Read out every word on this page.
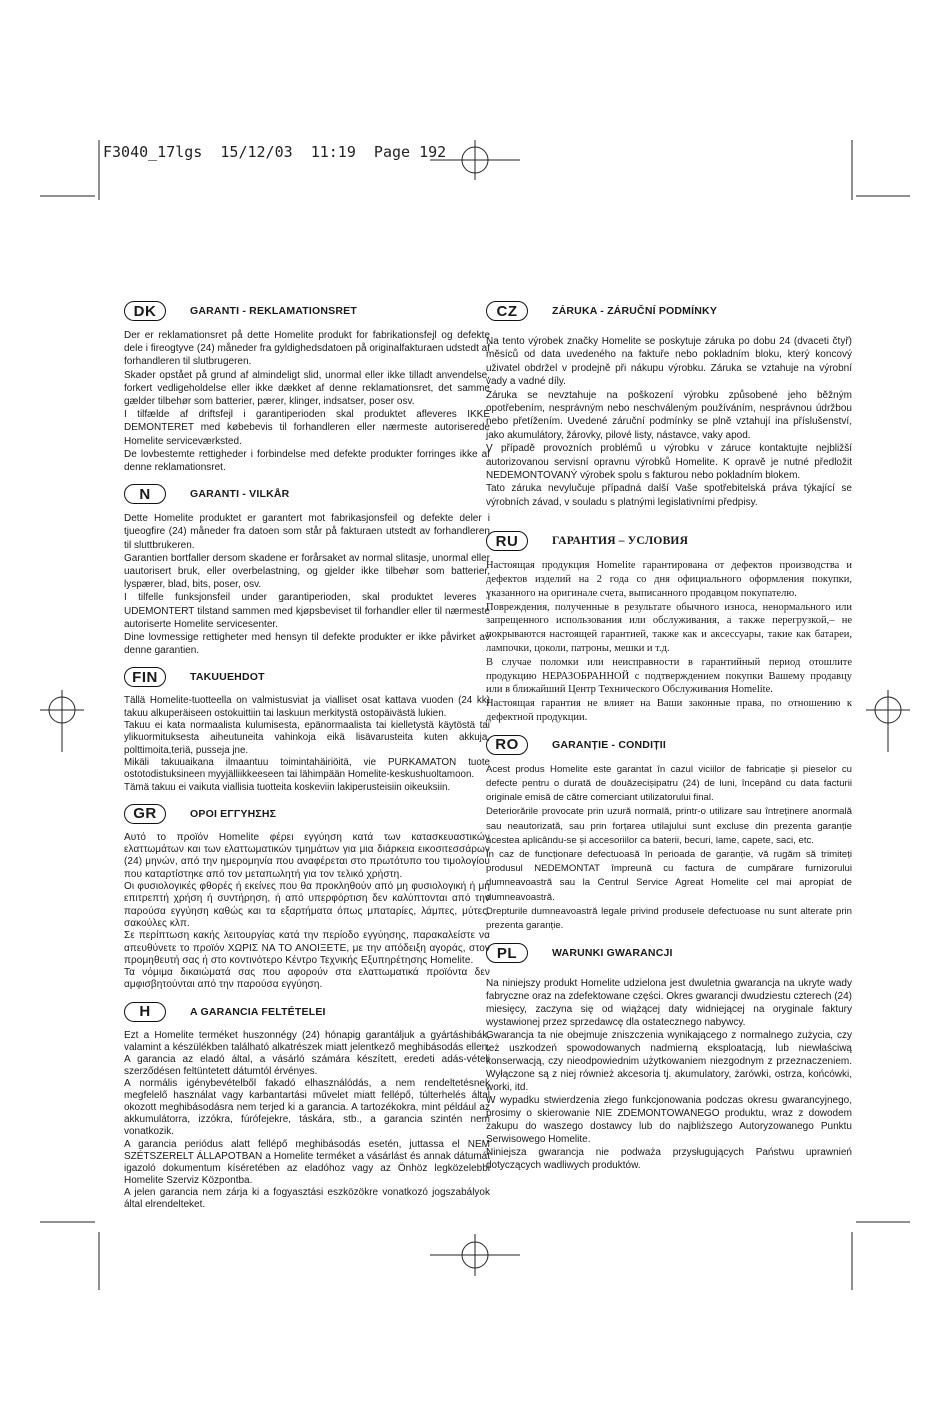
F3040_17lgs  15/12/03  11:19  Page 192
DK	GARANTI - REKLAMATIONSRET

Der er reklamationsret på dette Homelite produkt for fabrikationsfejl og defekte dele i fireogtyve (24) måneder fra gyldighedsdatoen på originalfakturaen udstedt af forhandleren til slutbrugeren.

Skader opstået på grund af almindeligt slid, unormal eller ikke tilladt anvendelse, forkert vedligeholdelse eller ikke dækket af denne reklamationsret, det samme gælder tilbehør som batterier, pærer, klinger, indsatser, poser osv.

I tilfælde af driftsfejl i garantiperioden skal produktet afleveres IKKE DEMONTERET med købebevis til forhandleren eller nærmeste autoriserede Homelite serviceværksted.

De lovbestemte rettigheder i forbindelse med defekte produkter forringes ikke af denne reklamationsret.

N	GARANTI - VILKÅR

Dette Homelite produktet er garantert mot fabrikasjonsfeil og defekte deler i tjueogfire (24) måneder fra datoen som står på fakturaen utstedt av forhandleren til sluttbrukeren.

Garantien bortfaller dersom skadene er forårsaket av normal slitasje, unormal eller uautorisert bruk, eller overbelastning, og gjelder ikke tilbehør som batterier, lyspærer, blad, bits, poser, osv.

I tilfelle funksjonsfeil under garantiperioden, skal produktet leveres i UDEMONTERT tilstand sammen med kjøpsbeviset til forhandler eller til nærmeste autoriserte Homelite servicesenter.

Dine lovmessige rettigheter med hensyn til defekte produkter er ikke påvirket av denne garantien.

FIN	TAKUUEHDOT

Tällä Homelite-tuotteella on valmistusviat ja vialliset osat kattava vuoden (24 kk) takuu alkuperäiseen ostokuittiin tai laskuun merkitystä ostopäivästä lukien.

Takuu ei kata normaalista kulumisesta, epänormaalista tai kielletystä käytöstä tai ylikuormituksesta aiheutuneita vahinkoja eikä lisävarusteita kuten akkuja, polttimoita,teriä, pusseja jne.

Mikäli takuuaikana ilmaantuu toimintahäiriöitä, vie PURKAMATON tuote ostotodistuksineen myyjälliikkeeseen tai lähimpään Homelite-keskushuoltamoon.

Tämä takuu ei vaikuta viallisia tuotteita koskeviin lakiperusteisiin oikeuksiin.

GR	ΟΡΟΙ ΕΓΓΥΗΣΗΣ

Αυτό το προϊόν Homelite φέρει εγγύηση κατά των κατασκευαστικών ελαττωμάτων και των ελαττωματικών τμημάτων για μια διάρκεια εικοσιτεσσάρων (24) μηνών, από την ημερομηνία που αναφέρεται στο πρωτότυπο του τιμολογίου που καταρτίστηκε από τον μεταπωλητή για τον τελικό χρήστη.

Οι φυσιολογικές φθορές ή εκείνες που θα προκληθούν από μη φυσιολογική ή μη επιτρεπτή χρήση ή συντήρηση, ή από υπερφόρτιση δεν καλύπτονται από την παρούσα εγγύηση καθώς και τα εξαρτήματα όπως μπαταρίες, λάμπες, μύτες, σακούλες κλπ.

Σε περίπτωση κακής λειτουργίας κατά την περίοδο εγγύησης, παρακαλείστε να απευθύνετε το προϊόν ΧΩΡΙΣ ΝΑ ΤΟ ΑΝΟΙΞΕΤΕ, με την απόδειξη αγοράς, στον προμηθευτή σας ή στο κοντινότερο Κέντρο Τεχνικής Εξυπηρέτησης Homelite.

Τα νόμιμα δικαιώματά σας που αφορούν στα ελαττωματικά προϊόντα δεν αμφισβητούνται από την παρούσα εγγύηση.

H	A GARANCIA FELTÉTELEI

Ezt a Homelite terméket huszonnégy (24) hónapig garantáljuk a gyártáshibák, valamint a készülékben található alkatrészek miatt jelentkező meghibásodás ellen. A garancia az eladó által, a vásárló számára készített, eredeti adás-vételi szerződésen feltüntetett dátumtól érvényes.

A normális igénybevételből fakadó elhasználódás, a nem rendeltetésnek megfelelő használat vagy karbantartási művelet miatt fellépő, túlterhelés által okozott meghibásodásra nem terjed ki a garancia. A tartozékokra, mint például az akkumulátorra, izzókra, fúrófejekre, táskára, stb., a garancia szintén nem vonatkozik.

A garancia periódus alatt fellépő meghibásodás esetén, juttassa el NEM SZÉTSZERELT ÁLLAPOTBAN a Homelite terméket a vásárlást és annak dátumát igazoló dokumentum kíséretében az eladóhoz vagy az Önhöz legközelebbi Homelite Szerviz Központba.

A jelen garancia nem zárja ki a fogyasztási eszközökre vonatkozó jogszabályok által elrendelteket.

CZ	ZÁRUKA - ZÁRUČNÍ PODMÍNKY

Na tento výrobek značky Homelite se poskytuje záruka po dobu 24 (dvaceti čtyř) měsíců od data uvedeného na faktuře nebo pokladním bloku, který koncový uživatel obdržel v prodejně při nákupu výrobku. Záruka se vztahuje na výrobní vady a vadné díly.

Záruka se nevztahuje na poškození výrobku způsobené jeho běžným opotřebením, nesprávným nebo neschváleným používáním, nesprávnou údržbou nebo přetížením. Uvedené záruční podmínky se plně vztahují ina příslušenství, jako akumulátory, žárovky, pilové listy, nástavce, vaky apod.

V případě provozních problémů u výrobku v záruce kontaktujte nejbližší autorizovanou servisní opravnu výrobků Homelite. K opravě je nutné předložit NEDEMONTOVANÝ výrobek spolu s fakturou nebo pokladním blokem.

Tato záruka nevylučuje případná další Vaše spotřebitelská práva týkající se výrobních závad, v souladu s platnými legislativními předpisy.

RU	ГАРАНТИЯ – УСЛОВИЯ

Настоящая продукция Homelite гарантирована от дефектов производства и дефектов изделий на 2 года со дня официального оформления покупки, указанного на оригинале счета, выписанного продавцом покупателю.

Повреждения, полученные в результате обычного износа, ненормального или запрещенного использования или обслуживания, а также перегрузкой,– не покрываются настоящей гарантией, также как и аксессуары, такие как батареи, лампочки, цоколи, патроны, мешки и т.д.

В случае поломки или неисправности в гарантийный период отошлите продукцию НЕРАЗОБРАННОЙ с подтверждением покупки Вашему продавцу или в ближайший Центр Технического Обслуживания Homelite.

Настоящая гарантия не влияет на Ваши законные права, по отношению к дефектной продукции.

RO	GARANȚIE - CONDIȚII

Acest produs Homelite este garantat în cazul viciilor de fabricație și pieselor cu defecte pentru o durată de douăzecișipatru (24) de luni, începând cu data facturii originale emisă de către comerciant utilizatorului final.

Deteriorările provocate prin uzură normală, printr-o utilizare sau întreținere anormală sau neautorizată, sau prin forțarea utilajului sunt excluse din prezenta garanție acestea aplicându-se și accesoriilor ca baterii, becuri, lame, capete, saci, etc.

În caz de funcționare defectuoasă în perioada de garanție, vă rugăm să trimiteți produsul NEDEMONTAT împreună cu factura de cumpărare furnizorului dumneavoastră sau la Centrul Service Agreat Homelite cel mai apropiat de dumneavoastră.

Drepturile dumneavoastră legale privind produsele defectuoase nu sunt alterate prin prezenta garanție.

PL	WARUNKI GWARANCJI

Na niniejszy produkt Homelite udzielona jest dwuletnia gwarancja na ukryte wady fabryczne oraz na zdefektowane części. Okres gwarancji dwudziestu czterech (24) miesięcy, zaczyna się od wiążącej daty widniejącej na oryginale faktury wystawionej przez sprzedawcę dla ostatecznego nabywcy.

Gwarancja ta nie obejmuje zniszczenia wynikającego z normalnego zużycia, czy też uszkodzeń spowodowanych nadmierną eksploatacją, lub niewłaściwą konserwacją, czy nieodpowiednim użytkowaniem niezgodnym z przeznaczeniem. Wyłączone są z niej również akcesoria tj. akumulatory, żarówki, ostrza, końcówki, worki, itd.

W wypadku stwierdzenia złego funkcjonowania podczas okresu gwarancyjnego, prosimy o skierowanie NIE ZDEMONTOWANEGO produktu, wraz z dowodem zakupu do waszego dostawcy lub do najbliższego Autoryzowanego Punktu Serwisowego Homelite.

Niniejsza gwarancja nie podważa przysługujących Państwu uprawnień dotyczących wadliwych produktów.
